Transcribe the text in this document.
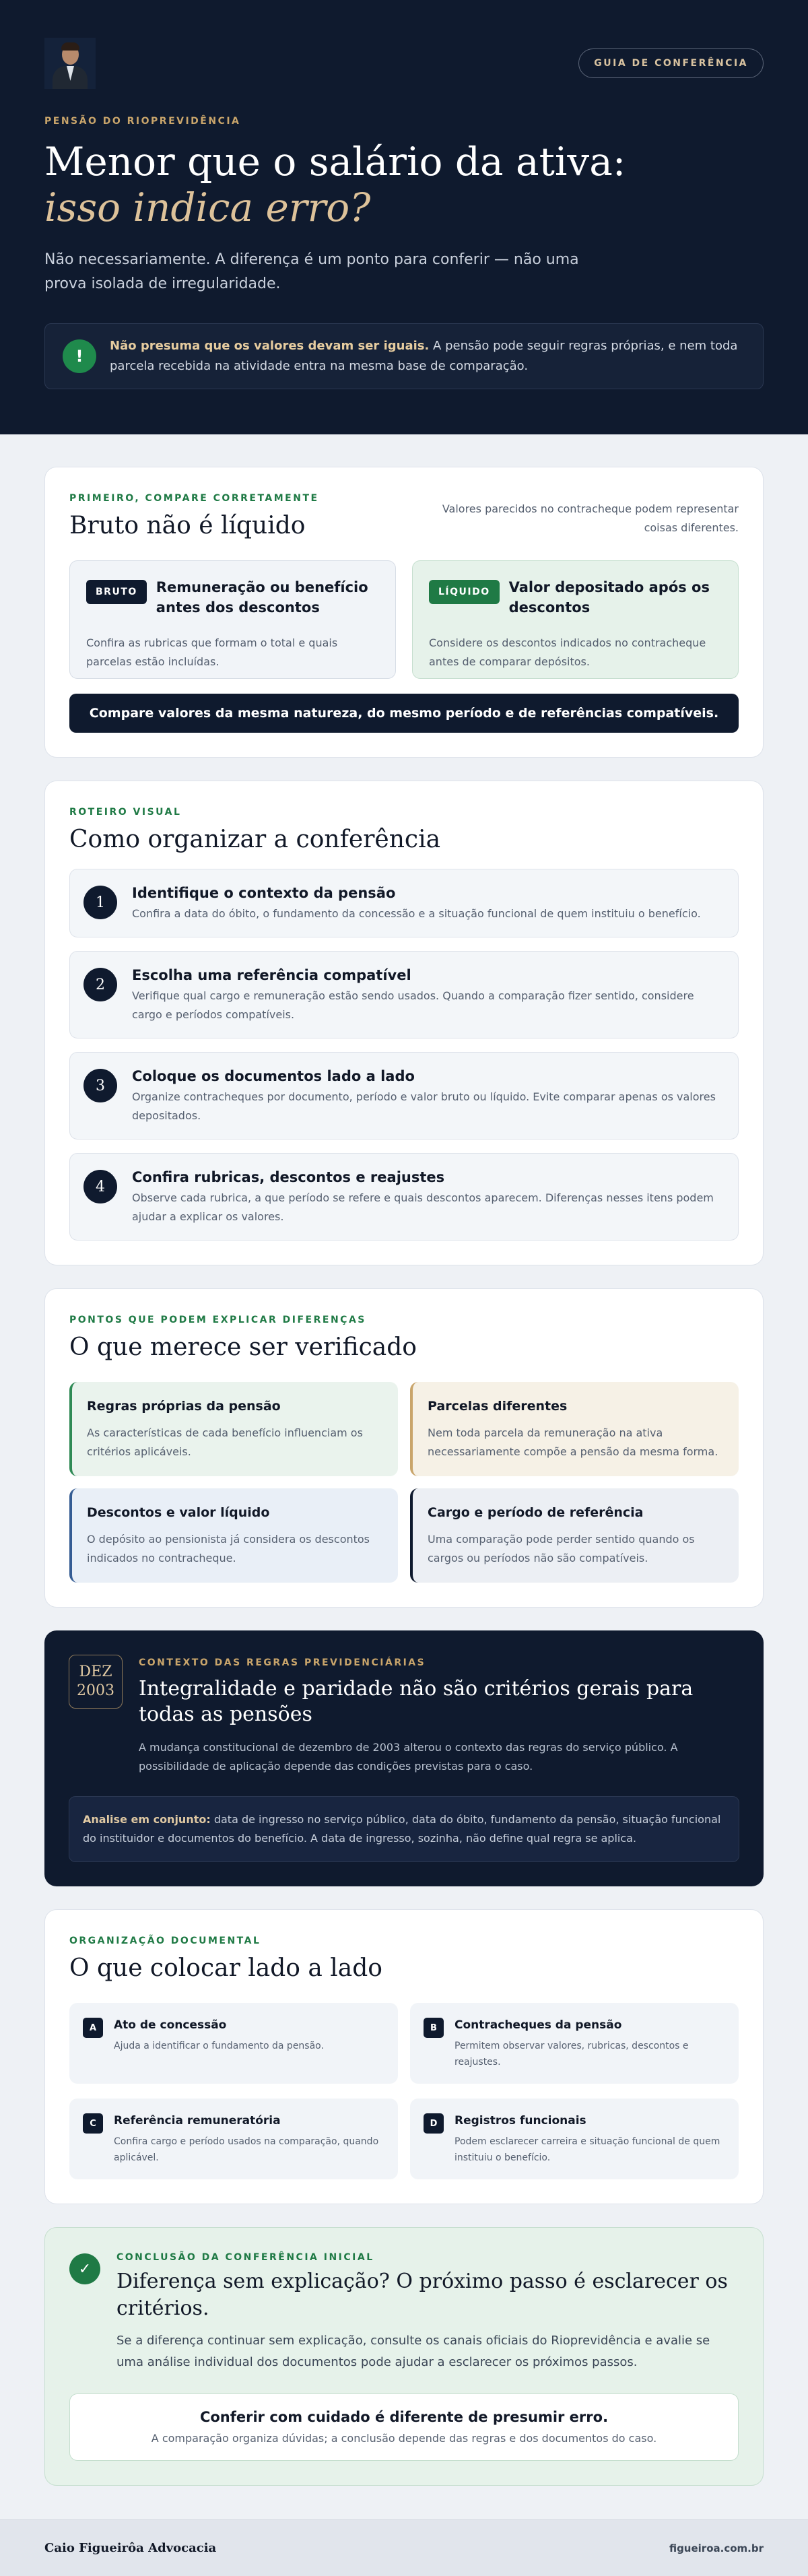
GUIA DE CONFERÊNCIA
PENSÃO DO RIOPREVIDÊNCIA
Menor que o salário da ativa:
isso indica erro?

Não necessariamente. A diferença é um ponto para conferir — não uma prova isolada de irregularidade.

!

Não presuma que os valores devam ser iguais. A pensão pode seguir regras próprias, e nem toda parcela recebida na atividade entra na mesma base de comparação.

PRIMEIRO, COMPARE CORRETAMENTE
Bruto não é líquido

Valores parecidos no contracheque podem representar coisas diferentes.

BRUTO	Remuneração ou benefício antes dos descontos

Confira as rubricas que formam o total e quais parcelas estão incluídas.

LÍQUIDO	Valor depositado após os descontos

Considere os descontos indicados no contracheque antes de comparar depósitos.

Compare valores da mesma natureza, do mesmo período e de referências compatíveis.
ROTEIRO VISUAL
Como organizar a conferência
1
Identifique o contexto da pensão
Confira a data do óbito, o fundamento da concessão e a situação funcional de quem instituiu o benefício.
2
Escolha uma referência compatível
Verifique qual cargo e remuneração estão sendo usados. Quando a comparação fizer sentido, considere cargo e períodos compatíveis.
3
Coloque os documentos lado a lado
Organize contracheques por documento, período e valor bruto ou líquido. Evite comparar apenas os valores depositados.
4
Confira rubricas, descontos e reajustes
Observe cada rubrica, a que período se refere e quais descontos aparecem. Diferenças nesses itens podem ajudar a explicar os valores.
PONTOS QUE PODEM EXPLICAR DIFERENÇAS
O que merece ser verificado
Regras próprias da pensão
As características de cada benefício influenciam os critérios aplicáveis.
Parcelas diferentes
Nem toda parcela da remuneração na ativa necessariamente compõe a pensão da mesma forma.
Descontos e valor líquido
O depósito ao pensionista já considera os descontos indicados no contracheque.
Cargo e período de referência
Uma comparação pode perder sentido quando os cargos ou períodos não são compatíveis.
DEZ
2003
CONTEXTO DAS REGRAS PREVIDENCIÁRIAS
Integralidade e paridade não são critérios gerais para todas as pensões

A mudança constitucional de dezembro de 2003 alterou o contexto das regras do serviço público. A possibilidade de aplicação depende das condições previstas para o caso.

Analise em conjunto: data de ingresso no serviço público, data do óbito, fundamento da pensão, situação funcional do instituidor e documentos do benefício. A data de ingresso, sozinha, não define qual regra se aplica.
ORGANIZAÇÃO DOCUMENTAL
O que colocar lado a lado
A	Ato de concessão
Ajuda a identificar o fundamento da pensão.
B	Contracheques da pensão
Permitem observar valores, rubricas, descontos e reajustes.
C	Referência remuneratória
Confira cargo e período usados na comparação, quando aplicável.
D	Registros funcionais
Podem esclarecer carreira e situação funcional de quem instituiu o benefício.
✓
CONCLUSÃO DA CONFERÊNCIA INICIAL
Diferença sem explicação? O próximo passo é esclarecer os critérios.

Se a diferença continuar sem explicação, consulte os canais oficiais do Rioprevidência e avalie se uma análise individual dos documentos pode ajudar a esclarecer os próximos passos.

Conferir com cuidado é diferente de presumir erro.
A comparação organiza dúvidas; a conclusão depende das regras e dos documentos do caso.
Caio Figueirôa Advocacia	figueiroa.com.br
